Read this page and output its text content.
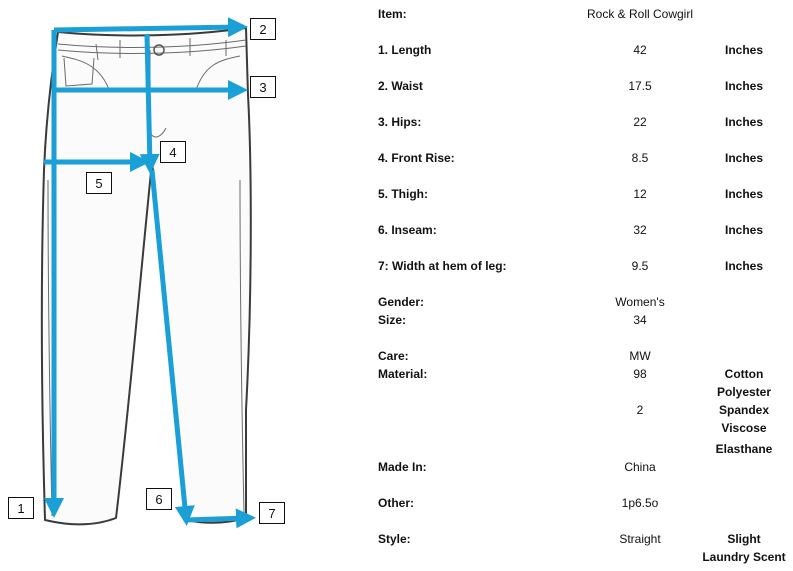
1
2
3
4
5
6
7
Item:	Rock & Roll Cowgirl
1. Length	42	Inches
2. Waist	17.5	Inches
3. Hips:	22	Inches
4. Front Rise:	8.5	Inches
5. Thigh:	12	Inches
6. Inseam:	32	Inches
7: Width at hem of leg:	9.5	Inches
Gender:	Women's
Size:	34
Care:	MW
Material:	98	Cotton
Polyester
2	Spandex
Viscose
Elasthane
Made In:	China
Other:	1p6.5o
Style:	Straight	Slight
Laundry Scent
